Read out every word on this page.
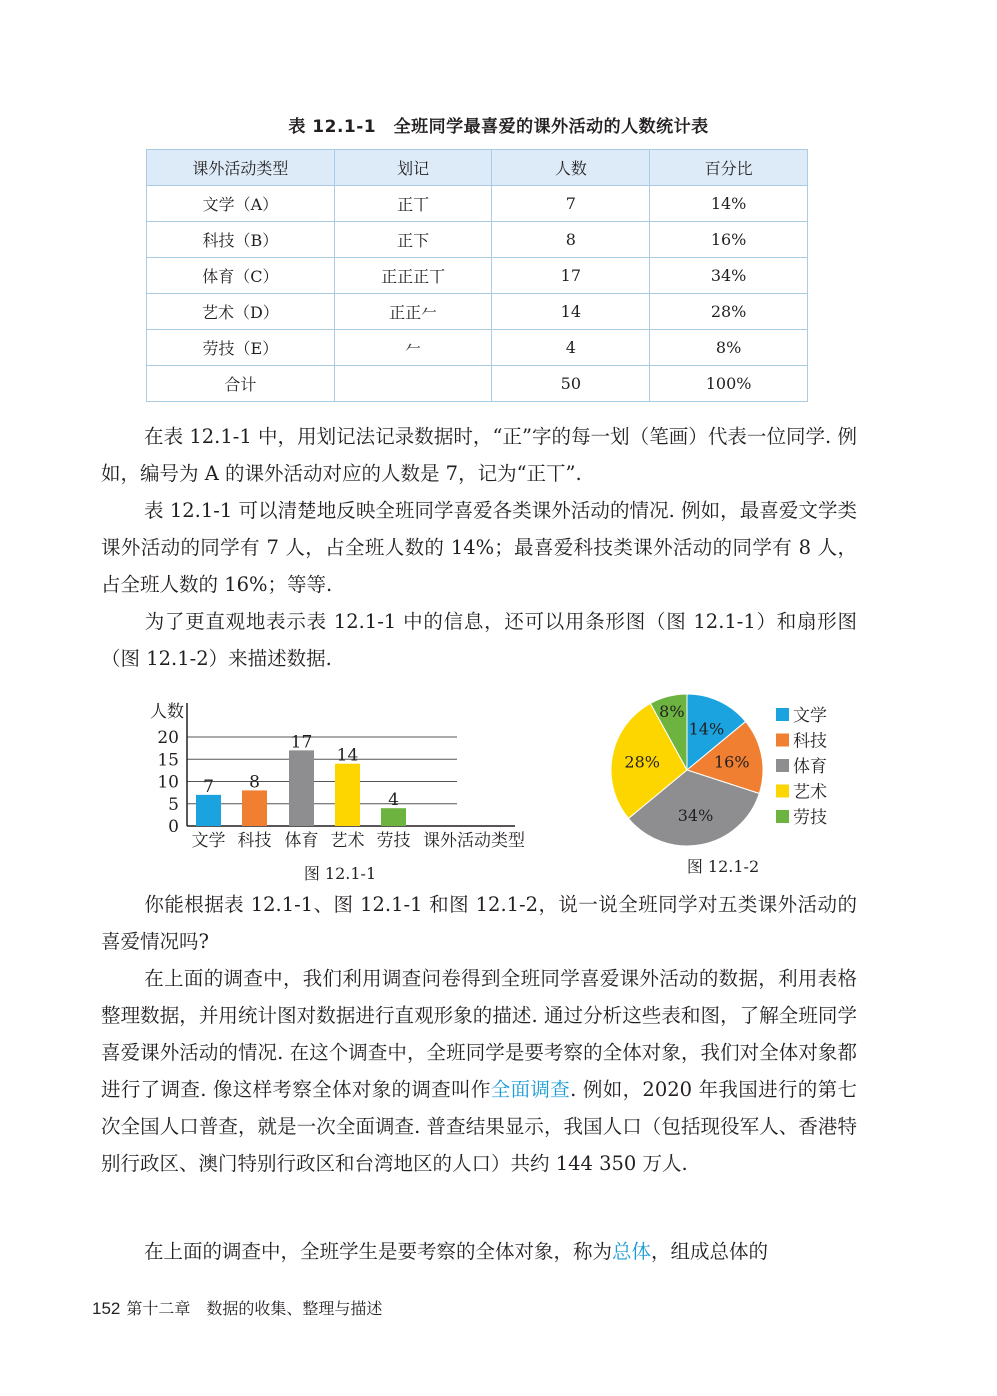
表 12.1-1　全班同学最喜爱的课外活动的人数统计表
课外活动类型	划记	人数	百分比
文学（A）	正丅	7	14%
科技（B）	正下	8	16%
体育（C）	正正正丅	17	34%
艺术（D）	正正𠂉	14	28%
劳技（E）	𠂉	4	8%
合计		50	100%
在表 12.1-1 中，用划记法记录数据时，“正”字的每一划（笔画）代表一位同学. 例如，编号为 A 的课外活动对应的人数是 7，记为“正丅”.
表 12.1-1 可以清楚地反映全班同学喜爱各类课外活动的情况. 例如，最喜爱文学类课外活动的同学有 7 人，占全班人数的 14%；最喜爱科技类课外活动的同学有 8 人，占全班人数的 16%；等等.
为了更直观地表示表 12.1-1 中的信息，还可以用条形图（图 12.1-1）和扇形图（图 12.1-2）来描述数据.
0
5
10
15
20
人数
7
文学
8
科技
17
体育
14
艺术
4
劳技 课外活动类型
图 12.1-1
14%
16%
34%
28%
8%	文学
科技
体育
艺术
劳技
图 12.1-2
你能根据表 12.1-1、图 12.1-1 和图 12.1-2，说一说全班同学对五类课外活动的喜爱情况吗?
在上面的调查中，我们利用调查问卷得到全班同学喜爱课外活动的数据，利用表格整理数据，并用统计图对数据进行直观形象的描述. 通过分析这些表和图，了解全班同学喜爱课外活动的情况. 在这个调查中，全班同学是要考察的全体对象，我们对全体对象都进行了调查. 像这样考察全体对象的调查叫作全面调查. 例如，2020 年我国进行的第七次全国人口普查，就是一次全面调查. 普查结果显示，我国人口（包括现役军人、香港特别行政区、澳门特别行政区和台湾地区的人口）共约 144 350 万人.
在上面的调查中，全班学生是要考察的全体对象，称为总体，组成总体的
152 第十二章　数据的收集、整理与描述
